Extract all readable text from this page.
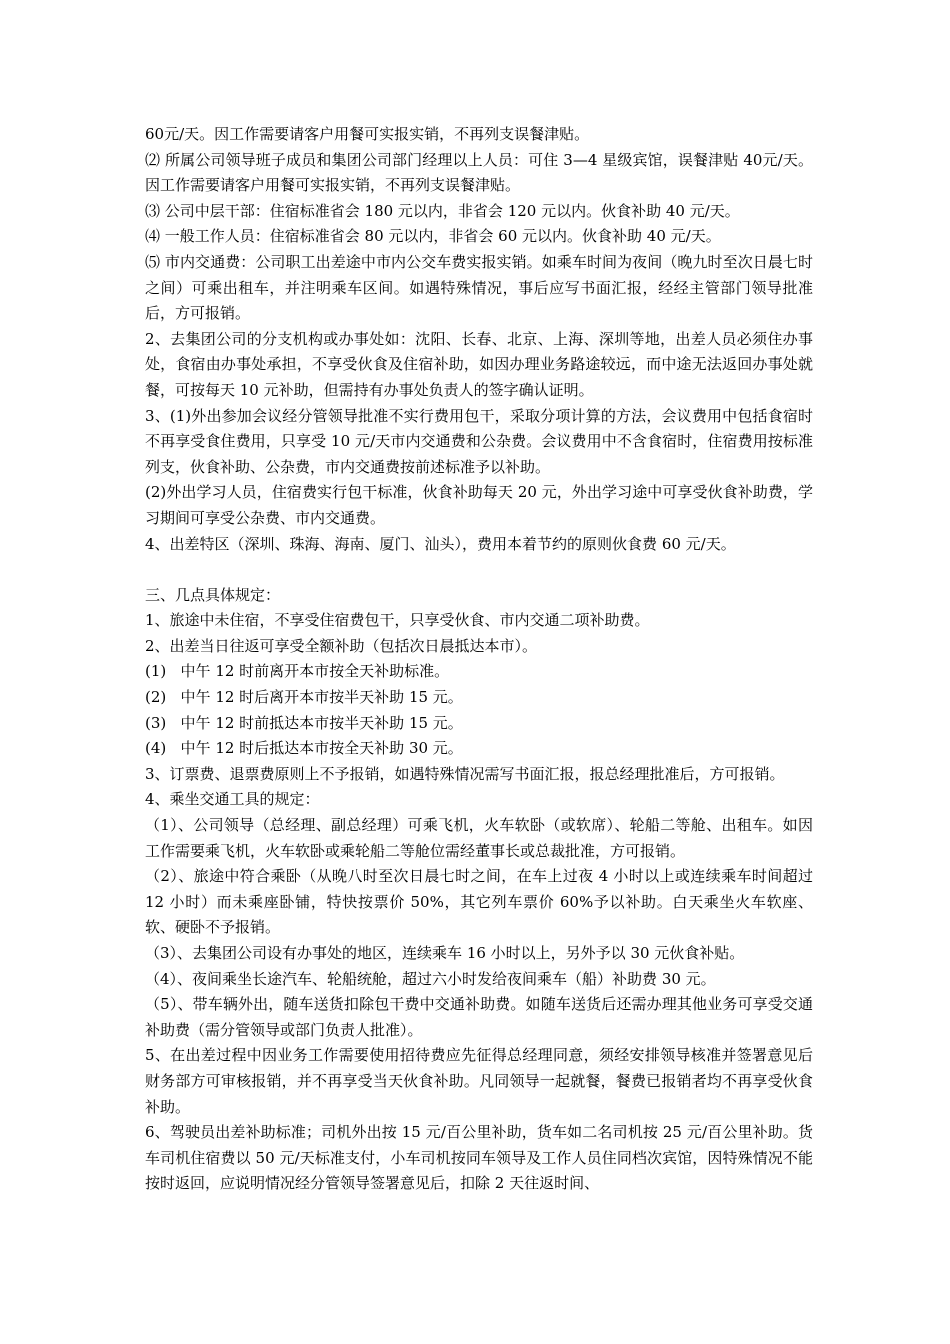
60元/天。因工作需要请客户用餐可实报实销，不再列支误餐津贴。

⑵ 所属公司领导班子成员和集团公司部门经理以上人员：可住 3—4 星级宾馆，误餐津贴 40元/天。因工作需要请客户用餐可实报实销，不再列支误餐津贴。

⑶ 公司中层干部：住宿标准省会 180 元以内，非省会 120 元以内。伙食补助 40 元/天。

⑷ 一般工作人员：住宿标准省会 80 元以内，非省会 60 元以内。伙食补助 40 元/天。

⑸ 市内交通费：公司职工出差途中市内公交车费实报实销。如乘车时间为夜间（晚九时至次日晨七时之间）可乘出租车，并注明乘车区间。如遇特殊情况，事后应写书面汇报，经经主管部门领导批准后，方可报销。

2、去集团公司的分支机构或办事处如：沈阳、长春、北京、上海、深圳等地，出差人员必须住办事处，食宿由办事处承担，不享受伙食及住宿补助，如因办理业务路途较远，而中途无法返回办事处就餐，可按每天 10 元补助，但需持有办事处负责人的签字确认证明。

3、(1)外出参加会议经分管领导批准不实行费用包干，采取分项计算的方法，会议费用中包括食宿时不再享受食住费用，只享受 10 元/天市内交通费和公杂费。会议费用中不含食宿时，住宿费用按标准列支，伙食补助、公杂费，市内交通费按前述标准予以补助。

(2)外出学习人员，住宿费实行包干标准，伙食补助每天 20 元，外出学习途中可享受伙食补助费，学习期间可享受公杂费、市内交通费。

4、出差特区（深圳、珠海、海南、厦门、汕头），费用本着节约的原则伙食费 60 元/天。

三、几点具体规定：

1、旅途中未住宿，不享受住宿费包干，只享受伙食、市内交通二项补助费。

2、出差当日往返可享受全额补助（包括次日晨抵达本市）。

(1)   中午 12 时前离开本市按全天补助标准。

(2)   中午 12 时后离开本市按半天补助 15 元。

(3)   中午 12 时前抵达本市按半天补助 15 元。

(4)   中午 12 时后抵达本市按全天补助 30 元。

3、订票费、退票费原则上不予报销，如遇特殊情况需写书面汇报，报总经理批准后，方可报销。

4、乘坐交通工具的规定：

（1）、公司领导（总经理、副总经理）可乘飞机，火车软卧（或软席）、轮船二等舱、出租车。如因工作需要乘飞机，火车软卧或乘轮船二等舱位需经董事长或总裁批准，方可报销。

（2）、旅途中符合乘卧（从晚八时至次日晨七时之间，在车上过夜 4 小时以上或连续乘车时间超过 12 小时）而未乘座卧铺，特快按票价 50%，其它列车票价 60%予以补助。白天乘坐火车软座、软、硬卧不予报销。

（3）、去集团公司设有办事处的地区，连续乘车 16 小时以上，另外予以 30 元伙食补贴。

（4）、夜间乘坐长途汽车、轮船统舱，超过六小时发给夜间乘车（船）补助费 30 元。

（5）、带车辆外出，随车送货扣除包干费中交通补助费。如随车送货后还需办理其他业务可享受交通补助费（需分管领导或部门负责人批准）。

5、在出差过程中因业务工作需要使用招待费应先征得总经理同意，须经安排领导核准并签署意见后财务部方可审核报销，并不再享受当天伙食补助。凡同领导一起就餐，餐费已报销者均不再享受伙食补助。

6、驾驶员出差补助标准；司机外出按 15 元/百公里补助，货车如二名司机按 25 元/百公里补助。货车司机住宿费以 50 元/天标准支付，小车司机按同车领导及工作人员住同档次宾馆，因特殊情况不能按时返回，应说明情况经分管领导签署意见后，扣除 2 天往返时间、
